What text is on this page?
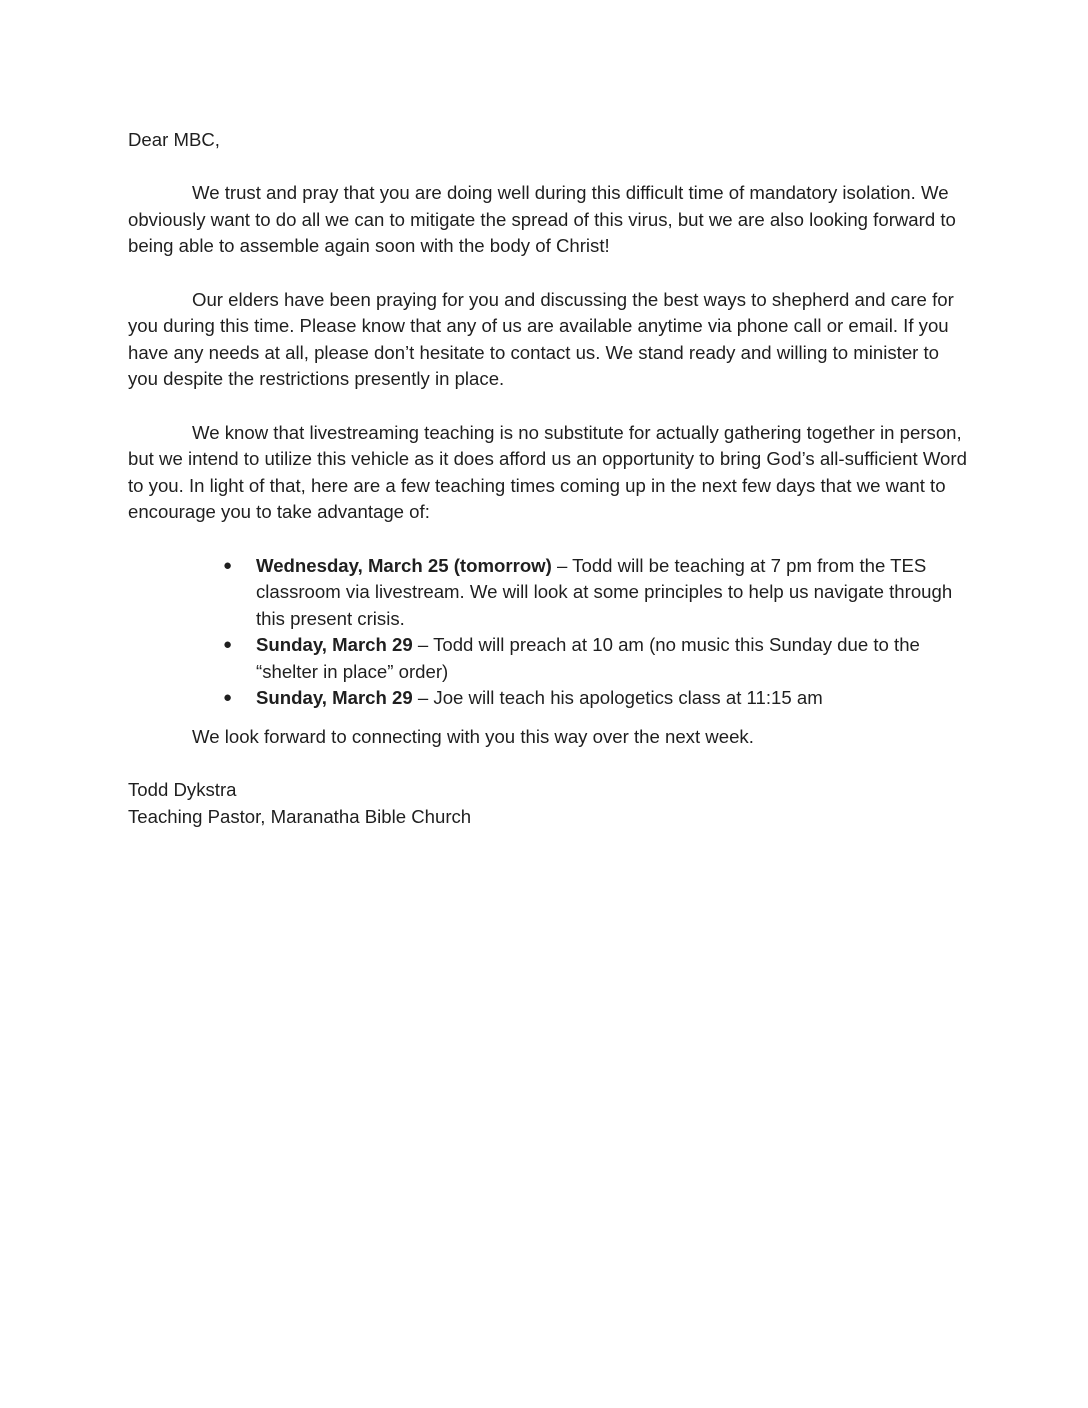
Dear MBC,

We trust and pray that you are doing well during this difficult time of mandatory isolation. We obviously want to do all we can to mitigate the spread of this virus, but we are also looking forward to being able to assemble again soon with the body of Christ!

Our elders have been praying for you and discussing the best ways to shepherd and care for you during this time. Please know that any of us are available anytime via phone call or email. If you have any needs at all, please don’t hesitate to contact us. We stand ready and willing to minister to you despite the restrictions presently in place.

We know that livestreaming teaching is no substitute for actually gathering together in person, but we intend to utilize this vehicle as it does afford us an opportunity to bring God’s all-sufficient Word to you. In light of that, here are a few teaching times coming up in the next few days that we want to encourage you to take advantage of:

● Wednesday, March 25 (tomorrow) – Todd will be teaching at 7 pm from the TES classroom via livestream. We will look at some principles to help us navigate through this present crisis.
● Sunday, March 29 – Todd will preach at 10 am (no music this Sunday due to the “shelter in place” order)
● Sunday, March 29 – Joe will teach his apologetics class at 11:15 am

We look forward to connecting with you this way over the next week.

Todd Dykstra

Teaching Pastor, Maranatha Bible Church
